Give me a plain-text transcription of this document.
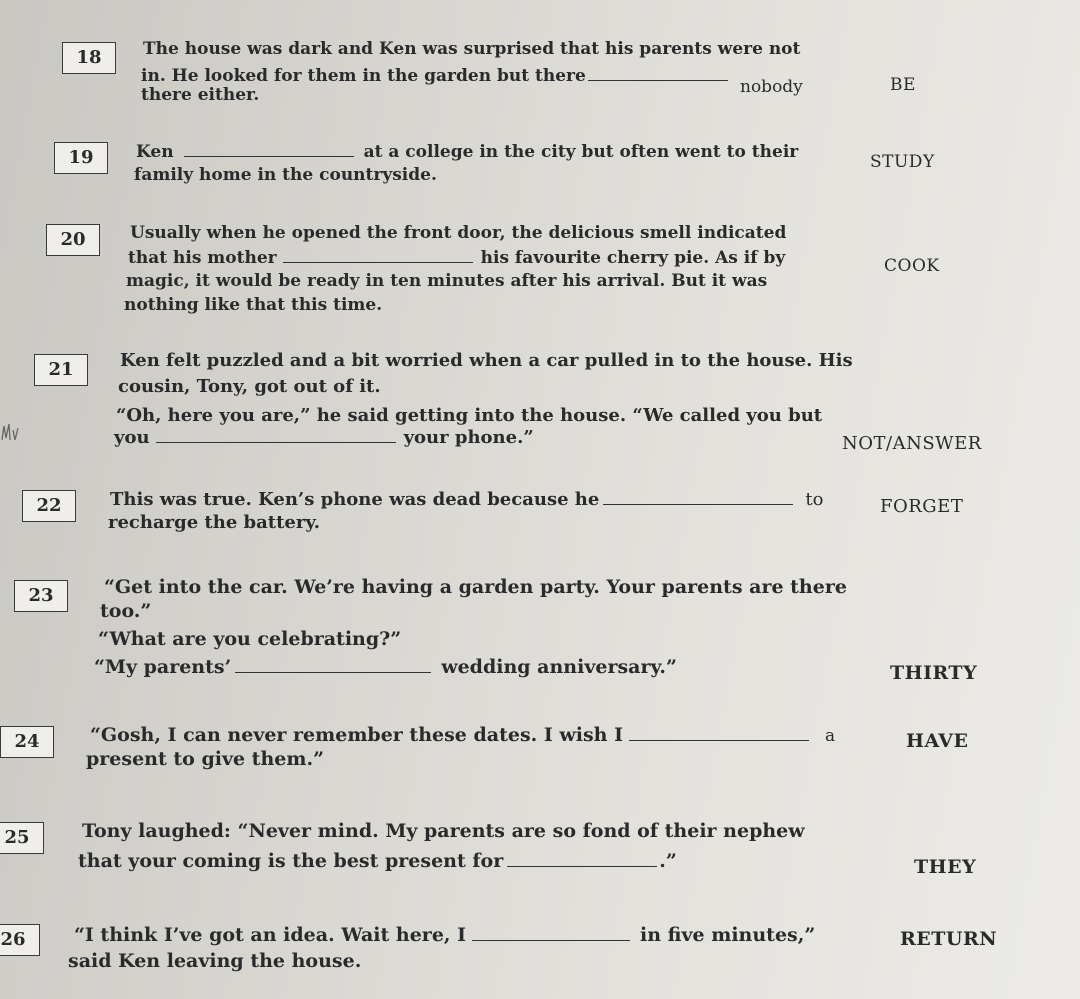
18	The house was dark and Ken was surprised that his parents were not
in. He looked for them in the garden but there
nobody
there either.	BE
19	Ken	at a college in the city but often went to their
family home in the countryside.
STUDY
20	Usually when he opened the front door, the delicious smell indicated
that his mother	his favourite cherry pie. As if by
magic, it would be ready in ten minutes after his arrival. But it was
nothing like that this time.
COOK
21	Ken felt puzzled and a bit worried when a car pulled in to the house. His
cousin, Tony, got out of it.
“Oh, here you are,” he said getting into the house. “We called you but
you	your phone.”	NOT/ANSWER
22	This was true. Ken’s phone was dead because he	to
recharge the battery.
FORGET
23	“Get into the car. We’re having a garden party. Your parents are there
too.”
“What are you celebrating?”
“My parents’	wedding anniversary.”	THIRTY
24	“Gosh, I can never remember these dates. I wish I	a
present to give them.”
HAVE
25	Tony laughed: “Never mind. My parents are so fond of their nephew
that your coming is the best present for	.”	THEY
26	“I think I’ve got an idea. Wait here, I	in five minutes,”
said Ken leaving the house.
RETURN
